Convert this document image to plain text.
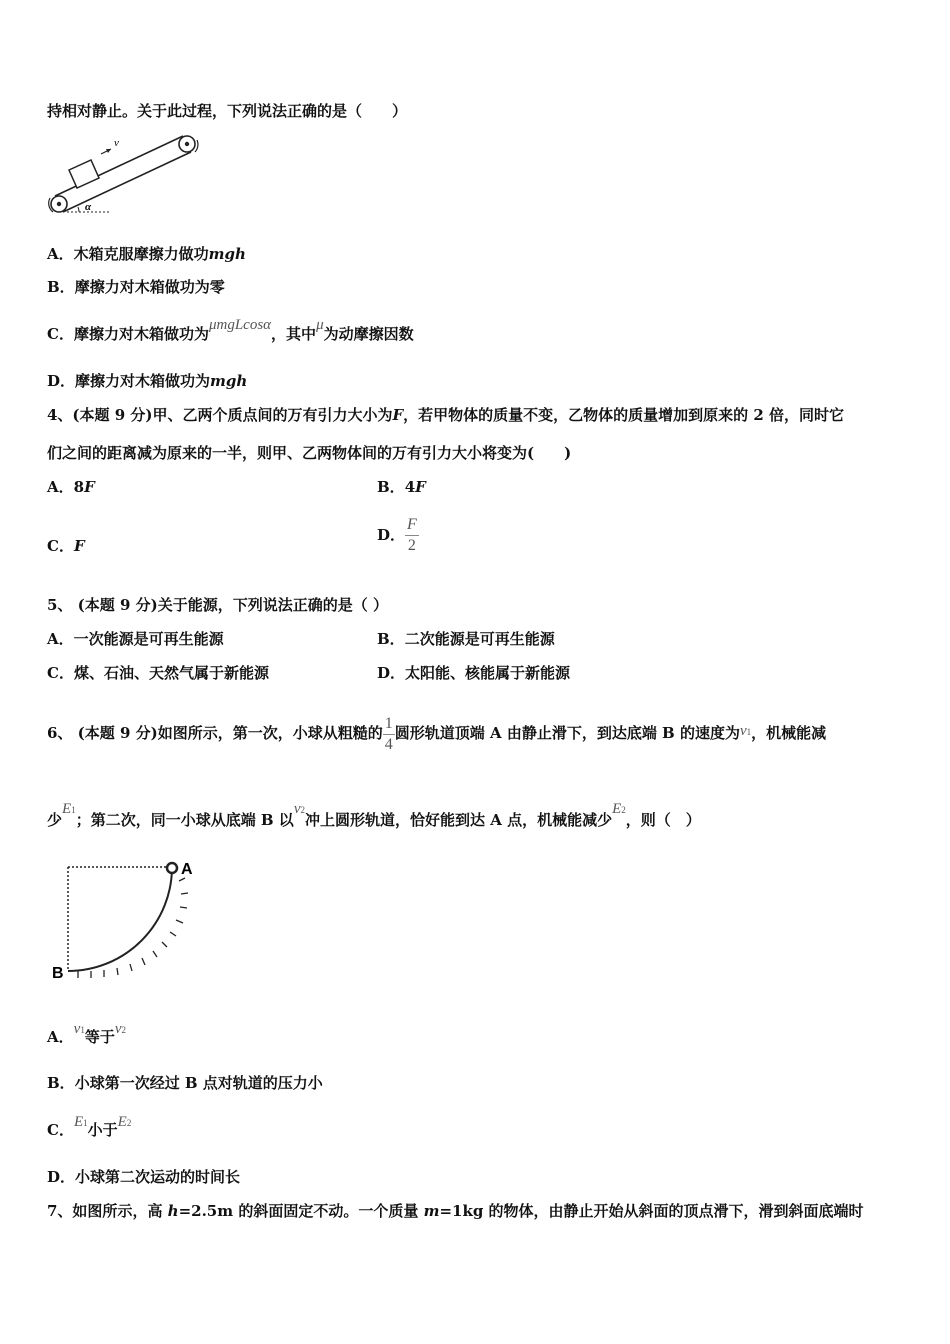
持相对静止。关于此过程，下列说法正确的是（　　）
v
α
A．木箱克服摩擦力做功mgh
B．摩擦力对木箱做功为零
C．摩擦力对木箱做功为μmgLcosα，其中μ为动摩擦因数
D．摩擦力对木箱做功为mgh
4、(本题 9 分)甲、乙两个质点间的万有引力大小为F，若甲物体的质量不变，乙物体的质量增加到原来的 2 倍，同时它
们之间的距离减为原来的一半，则甲、乙两物体间的万有引力大小将变为(　　)
A．8F	B．4F
C．F
D． $\frac{F}{2}$
5、 (本题 9 分)关于能源，下列说法正确的是（ ）
A．一次能源是可再生能源	B．二次能源是可再生能源
C．煤、石油、天然气属于新能源	D．太阳能、核能属于新能源
6、 (本题 9 分)如图所示，第一次，小球从粗糙的 $\frac{1}{4}$ 圆形轨道顶端 A 由静止滑下，到达底端 B 的速度为v1，机械能减
少E1；第二次，同一小球从底端 B 以v2冲上圆形轨道，恰好能到达 A 点，机械能减少E2，则（　）
A
B
A．v1等于v2
B．小球第一次经过 B 点对轨道的压力小
C．E1小于E2
D．小球第二次运动的时间长
7、如图所示，高 h=2.5m 的斜面固定不动。一个质量 m=1kg 的物体，由静止开始从斜面的顶点滑下，滑到斜面底端时
